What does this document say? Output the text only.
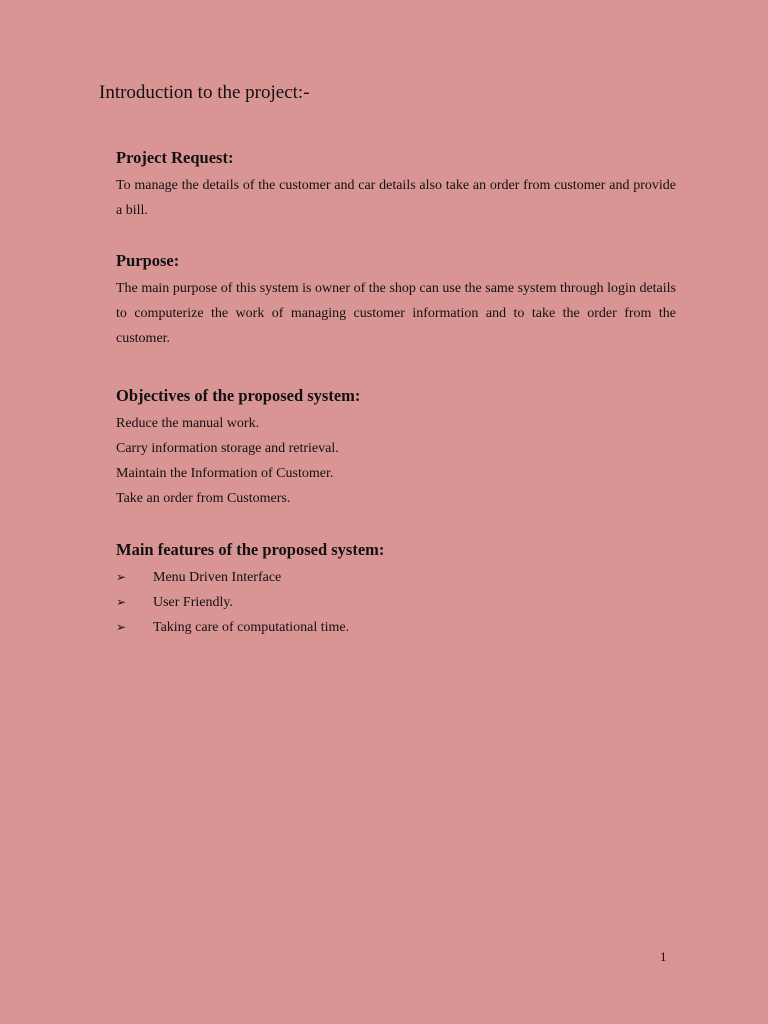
Introduction to the project:-
Project Request:

To manage the details of the customer and car details also take an order from customer and provide a bill.

Purpose:

The main purpose of this system is owner of the shop can use the same system through login details to computerize the work of managing customer information and to take the order from the customer.

Objectives of the proposed system:

Reduce the manual work.

Carry information storage and retrieval.

Maintain the Information of Customer.

Take an order from Customers.

Main features of the proposed system:
➢	Menu Driven Interface
➢	User Friendly.
➢	Taking care of computational time.
1
